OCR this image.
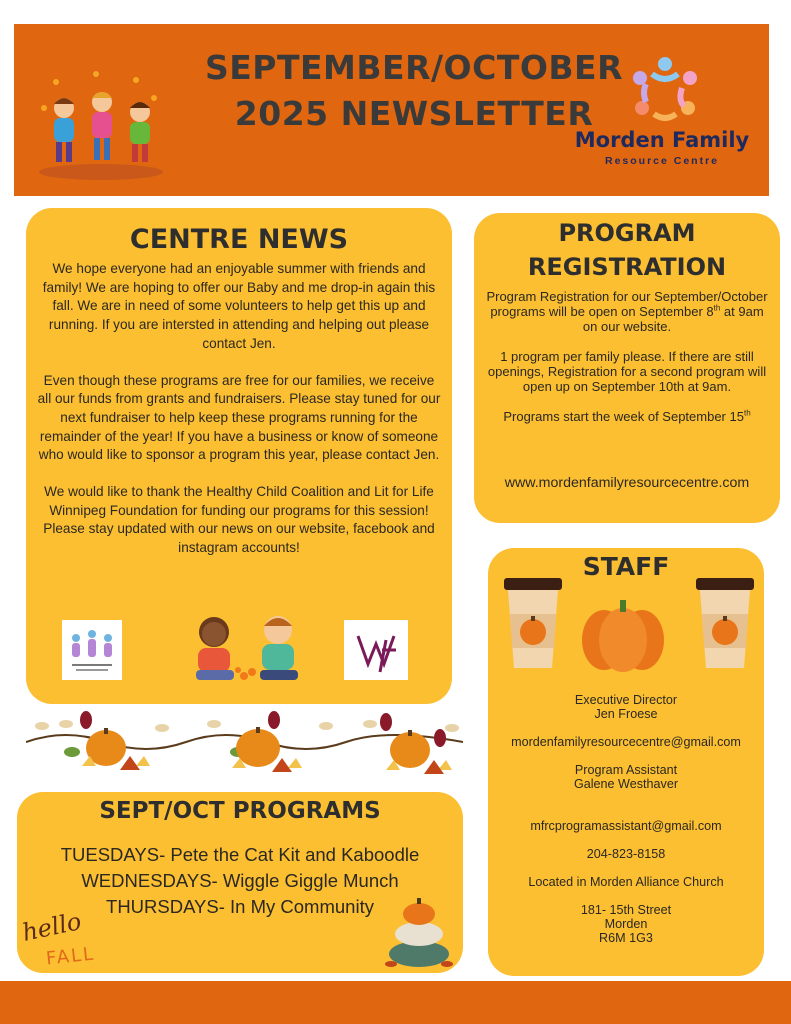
SEPTEMBER/OCTOBER
2025 NEWSLETTER
Morden Family
Resource Centre
CENTRE NEWS

We hope everyone had an enjoyable summer with friends and family! We are hoping to offer our Baby and me drop-in again this fall. We are in need of some volunteers to help get this up and running. If you are intersted in attending and helping out please contact Jen.

Even though these programs are free for our families, we receive all our funds from grants and fundraisers. Please stay tuned for our next fundraiser to help keep these programs running for the remainder of the year! If you have a business or know of someone who would like to sponsor a program this year, please contact Jen.

We would like to thank the Healthy Child Coalition and Lit for Life Winnipeg Foundation for funding our programs for this session!

Please stay updated with our news on our website, facebook and instagram accounts!

PROGRAM
REGISTRATION

Program Registration for our September/October programs will be open on September 8th at 9am on our website.

1 program per family please. If there are still openings, Registration for a second program will open up on September 10th at 9am.

Programs start the week of September 15th

www.mordenfamilyresourcecentre.com
STAFF

Executive Director

Jen Froese

mordenfamilyresourcecentre@gmail.com

Program Assistant

Galene Westhaver

mfrcprogramassistant@gmail.com

204-823-8158

Located in Morden Alliance Church

181- 15th Street

Morden

R6M 1G3

SEPT/OCT PROGRAMS

TUESDAYS- Pete the Cat Kit and Kaboodle

WEDNESDAYS- Wiggle Giggle Munch

THURSDAYS- In My Community

hello
FALL
